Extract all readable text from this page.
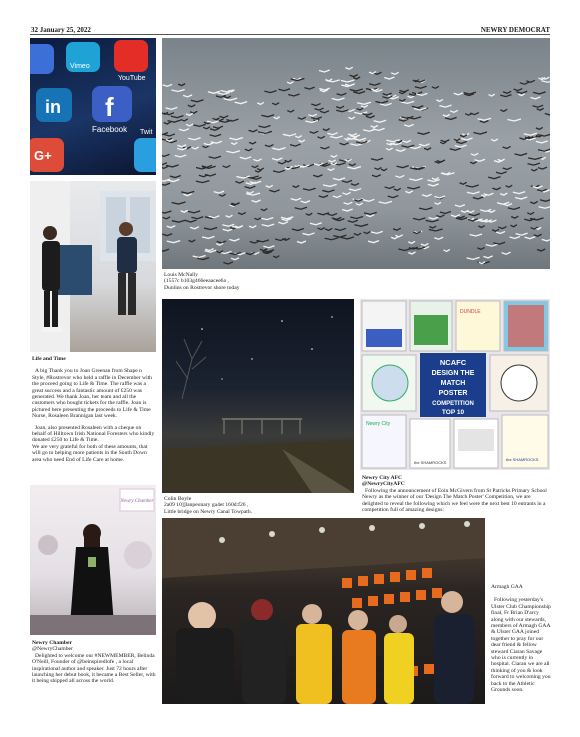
32 January 25, 2022	NEWRY DEMOCRAT
in f
G+
Vimeo
YouTube
Facebook Twit
Louis McNally
(1557c b103g466eeaacee6a ,
Dunlins on Rostrevor shore today
Life and Time

A big Thank you to Joan Greenan from Shape n Style, #Rostrevor who held a raffle in December with the proceed going to Life & Time. The raffle was a great success and a fantastic amount of £250 was generated. We thank Joan, her team and all the customers who bought tickets for the raffle. Joan is pictured here presenting the proceeds to Life & Time Nurse, Rosaleen Brannigan last week.

Joan, also presented Rosaleen with a cheque on behalf of Hilltown Irish National Foresters who kindly donated £250 to Life & Time.

We are very grateful for both of these amounts, that will go to helping more patients in the South Down area who need End of Life Care at home.

Colin Boyle
2a09 10]]lanpeunary ga4et 160d:f26 ,
Little bridge on Newry Canal Towpath.
DUNDLE
NCAFC
DESIGN THE
MATCH
POSTER
COMPETITION
TOP 10
Newry City
the SHAMROCKS
the SHAMROCKS
Newry City AFC
@NewryCityAFC
Following the announcement of Eoin McGivern from St Patricks Primary School Newry as the winner of our 'Design The Match Poster' Competition, we are delighted to reveal the following which we feel were the next best 10 entrants in a competition full of amazing designs:
Newry Chamber
Newry Chamber
@NewryChamber
Delighted to welcome our #NEWMEMBER, Belinda O'Neill, Founder of @beinspiredlofe , a local inspirational author and speaker. Just 72 hours after launching her debut book, it became a Best Seller, with it being shipped all across the world.
Armagh GAA
Following yesterday's Ulster Club Championship final, Fr Brian D'arcy along with our stewards, members of Armagh GAA & Ulster GAA joined together to pray for our dear friend & fellow steward Ciaran Savage who is currently in hospital. Ciaran we are all thinking of you & look forward to welcoming you back to the Athletic Grounds soon.
